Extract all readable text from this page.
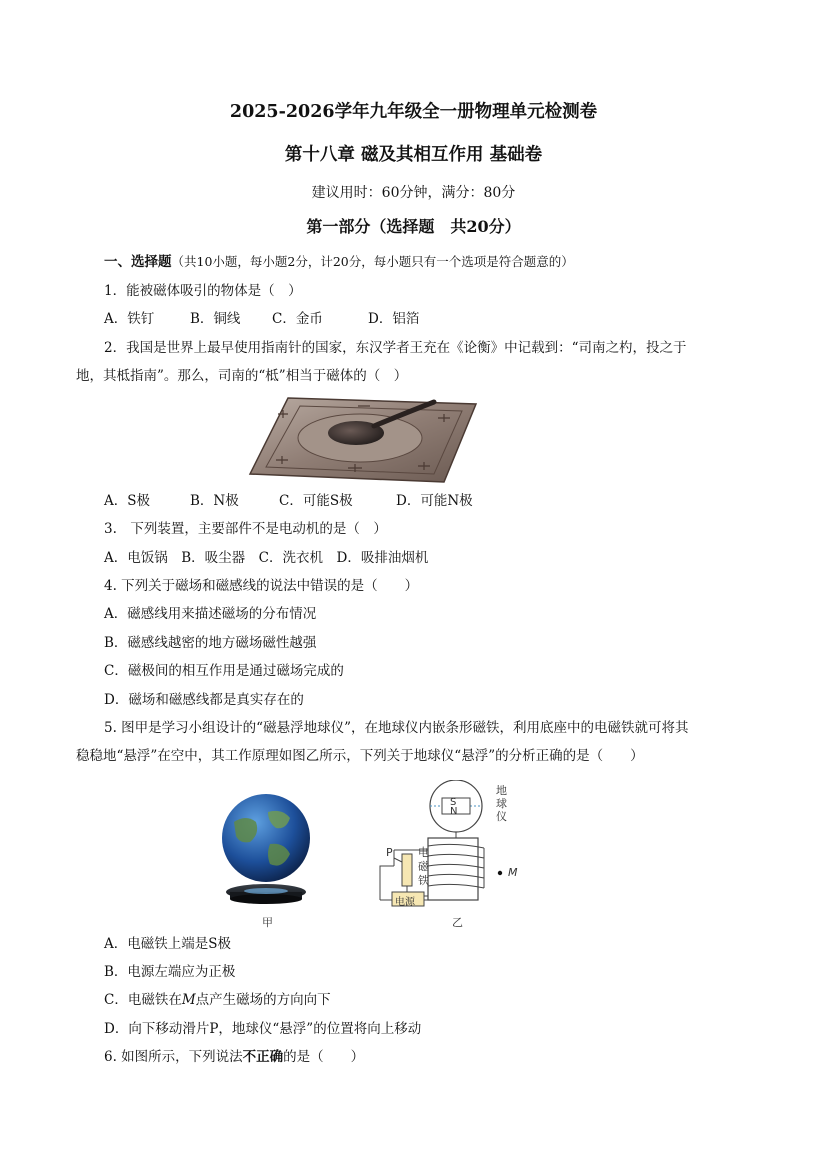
2025-2026学年九年级全一册物理单元检测卷
第十八章 磁及其相互作用 基础卷
建议用时：60分钟，满分：80分
第一部分（选择题　共20分）
一、选择题（共10小题，每小题2分，计20分，每小题只有一个选项是符合题意的）
1．能被磁体吸引的物体是（　）
A．铁钉	B．铜线 C．金币	D．铝箔
2．我国是世界上最早使用指南针的国家，东汉学者王充在《论衡》中记载到：“司南之杓，投之于
地，其柢指南”。那么，司南的“柢”相当于磁体的（　）
A．S极	B．N极	C．可能S极	D．可能N极
3.　下列装置，主要部件不是电动机的是（　）
A．电饭锅　B．吸尘器　C．洗衣机　D．吸排油烟机
4. 下列关于磁场和磁感线的说法中错误的是（　　）
A．磁感线用来描述磁场的分布情况
B．磁感线越密的地方磁场磁性越强
C．磁极间的相互作用是通过磁场完成的
D．磁场和磁感线都是真实存在的
5. 图甲是学习小组设计的“磁悬浮地球仪”，在地球仪内嵌条形磁铁，利用底座中的电磁铁就可将其
稳稳地“悬浮”在空中，其工作原理如图乙所示，下列关于地球仪“悬浮”的分析正确的是（　　）
甲
S
N
地
球
仪
P 电
磁
铁
电源
M
乙
A．电磁铁上端是S极
B．电源左端应为正极
C．电磁铁在M点产生磁场的方向向下
D．向下移动滑片P，地球仪“悬浮”的位置将向上移动
6. 如图所示，下列说法不正确的是（　　）
